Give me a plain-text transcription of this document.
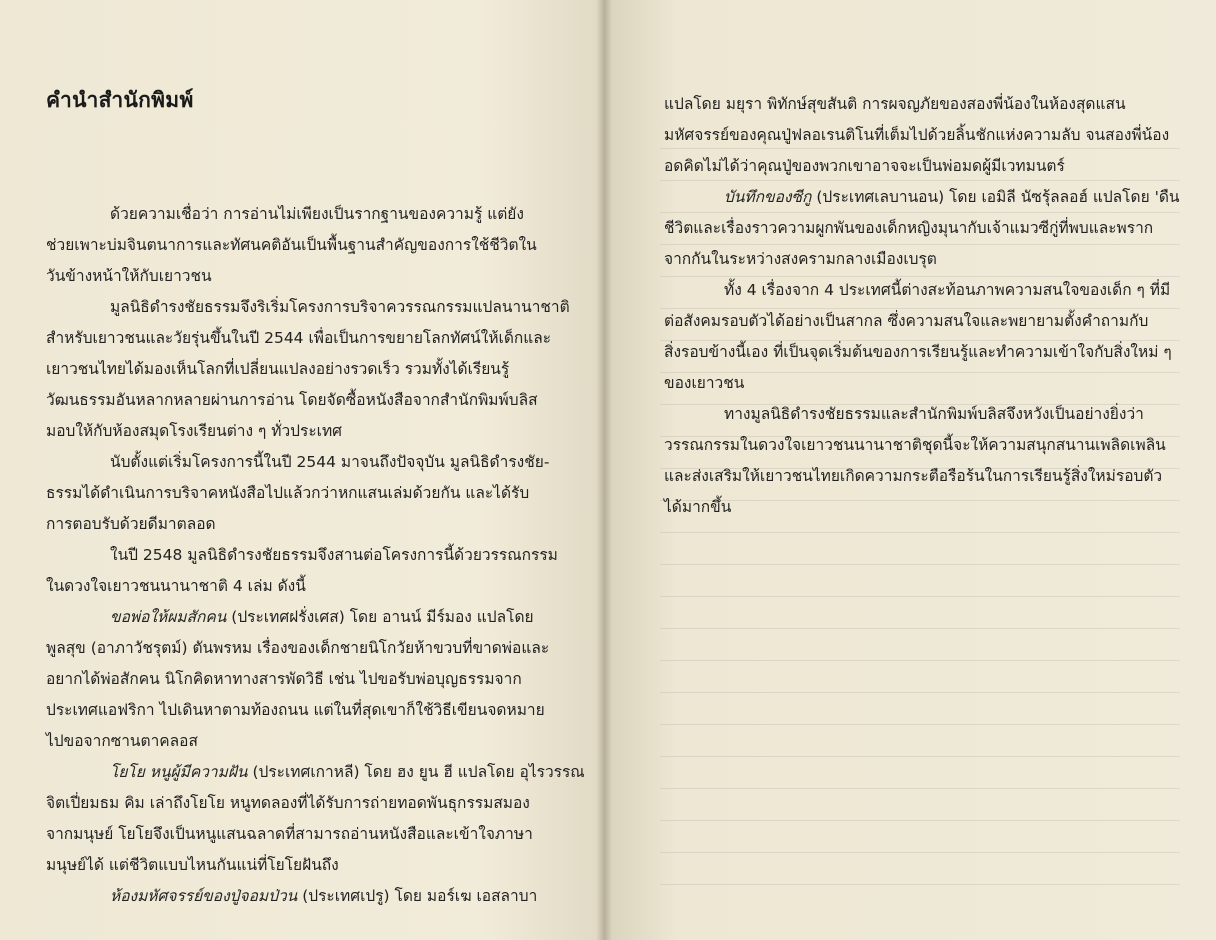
คำนำสำนักพิมพ์
ด้วยความเชื่อว่า การอ่านไม่เพียงเป็นรากฐานของความรู้ แต่ยัง
ช่วยเพาะบ่มจินตนาการและทัศนคติอันเป็นพื้นฐานสำคัญของการใช้ชีวิตใน
วันข้างหน้าให้กับเยาวชน
มูลนิธิดำรงชัยธรรมจึงริเริ่มโครงการบริจาควรรณกรรมแปลนานาชาติ
สำหรับเยาวชนและวัยรุ่นขึ้นในปี 2544 เพื่อเป็นการขยายโลกทัศน์ให้เด็กและ
เยาวชนไทยได้มองเห็นโลกที่เปลี่ยนแปลงอย่างรวดเร็ว รวมทั้งได้เรียนรู้
วัฒนธรรมอันหลากหลายผ่านการอ่าน โดยจัดซื้อหนังสือจากสำนักพิมพ์บลิส
มอบให้กับห้องสมุดโรงเรียนต่าง ๆ ทั่วประเทศ
นับตั้งแต่เริ่มโครงการนี้ในปี 2544 มาจนถึงปัจจุบัน มูลนิธิดำรงชัย-
ธรรมได้ดำเนินการบริจาคหนังสือไปแล้วกว่าหกแสนเล่มด้วยกัน และได้รับ
การตอบรับด้วยดีมาตลอด
ในปี 2548 มูลนิธิดำรงชัยธรรมจึงสานต่อโครงการนี้ด้วยวรรณกรรม
ในดวงใจเยาวชนนานาชาติ 4 เล่ม ดังนี้
ขอพ่อให้ผมสักคน (ประเทศฝรั่งเศส) โดย อานน์ มีร์มอง แปลโดย
พูลสุข (อาภาวัชรุตม์) ตันพรหม เรื่องของเด็กชายนิโกวัยห้าขวบที่ขาดพ่อและ
อยากได้พ่อสักคน นิโกคิดหาทางสารพัดวิธี เช่น ไปขอรับพ่อบุญธรรมจาก
ประเทศแอฟริกา ไปเดินหาตามท้องถนน แต่ในที่สุดเขาก็ใช้วิธีเขียนจดหมาย
ไปขอจากซานตาคลอส
โยโย หนูผู้มีความฝัน (ประเทศเกาหลี) โดย ฮง ยูน ฮี แปลโดย อุไรวรรณ
จิตเปี่ยมธม คิม เล่าถึงโยโย หนูทดลองที่ได้รับการถ่ายทอดพันธุกรรมสมอง
จากมนุษย์ โยโยจึงเป็นหนูแสนฉลาดที่สามารถอ่านหนังสือและเข้าใจภาษา
มนุษย์ได้ แต่ชีวิตแบบไหนกันแน่ที่โยโยฝันถึง
ห้องมหัศจรรย์ของปู่จอมป่วน (ประเทศเปรู) โดย มอร์เฆ เอสลาบา
แปลโดย มยุรา พิทักษ์สุขสันติ การผจญภัยของสองพี่น้องในห้องสุดแสน
มหัศจรรย์ของคุณปู่ฟลอเรนติโนที่เต็มไปด้วยลิ้นชักแห่งความลับ จนสองพี่น้อง
อดคิดไม่ได้ว่าคุณปู่ของพวกเขาอาจจะเป็นพ่อมดผู้มีเวทมนตร์
บันทึกของซีกู (ประเทศเลบานอน) โดย เอมิลี นัซรุ้ลลอฮ์ แปลโดย 'ดืน
ชีวิตและเรื่องราวความผูกพันของเด็กหญิงมุนากับเจ้าแมวซีกู่ที่พบและพราก
จากกันในระหว่างสงครามกลางเมืองเบรุต
ทั้ง 4 เรื่องจาก 4 ประเทศนี้ต่างสะท้อนภาพความสนใจของเด็ก ๆ ที่มี
ต่อสังคมรอบตัวได้อย่างเป็นสากล ซึ่งความสนใจและพยายามตั้งคำถามกับ
สิ่งรอบข้างนี้เอง ที่เป็นจุดเริ่มต้นของการเรียนรู้และทำความเข้าใจกับสิ่งใหม่ ๆ
ของเยาวชน
ทางมูลนิธิดำรงชัยธรรมและสำนักพิมพ์บลิสจึงหวังเป็นอย่างยิ่งว่า
วรรณกรรมในดวงใจเยาวชนนานาชาติชุดนี้จะให้ความสนุกสนานเพลิดเพลิน
และส่งเสริมให้เยาวชนไทยเกิดความกระตือรือร้นในการเรียนรู้สิ่งใหม่รอบตัว
ได้มากขึ้น
